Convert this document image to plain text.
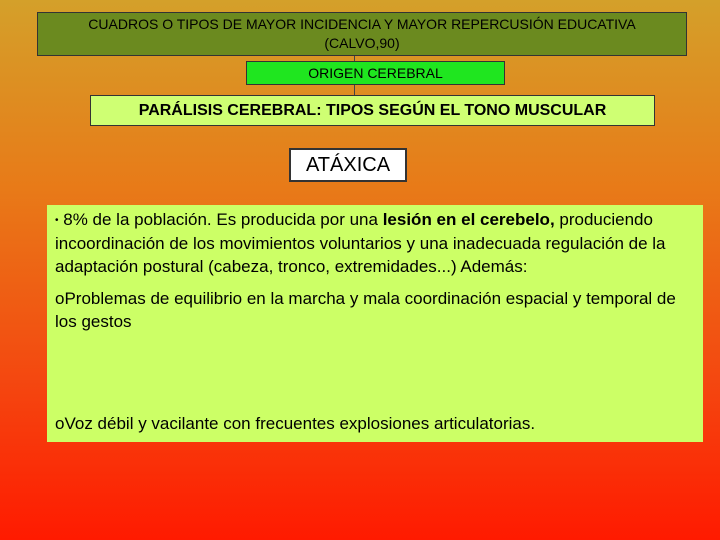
CUADROS O TIPOS DE MAYOR INCIDENCIA Y MAYOR REPERCUSIÓN EDUCATIVA
(CALVO,90)
ORIGEN CEREBRAL
PARÁLISIS CEREBRAL: TIPOS SEGÚN EL TONO MUSCULAR
ATÁXICA

• 8% de la población. Es producida por una lesión en el cerebelo, produciendo incoordinación de los movimientos voluntarios y una inadecuada regulación de la adaptación postural (cabeza, tronco, extremidades...) Además:

oProblemas de equilibrio en la marcha y mala coordinación espacial y temporal de los gestos

oVoz débil y vacilante con frecuentes explosiones articulatorias.
